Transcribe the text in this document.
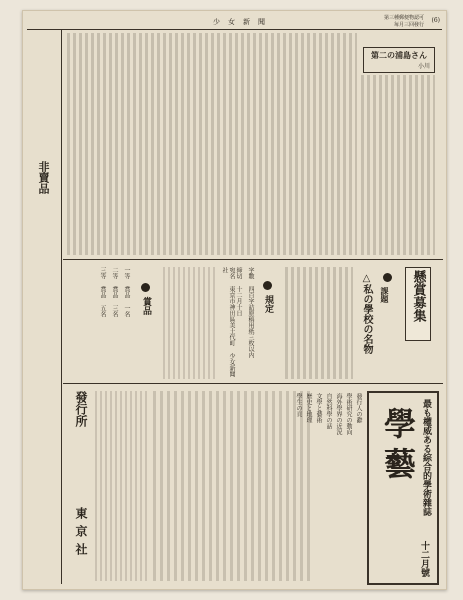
(6)
第三種郵便物認可
毎月三回發行
少女新聞
非賣品
第二の浦島さん
小川
懸賞募集
課題
△私の學校の名物
規定
字數 四百字詰原稿用紙三枚以内
締切 十二月十日
宛名 東京市神田區美土代町 少女新聞社
賞品
一等 賞品 一名
二等 賞品 三名
三等 賞品 五名
發行所
東京社
發行人の辭
學術研究の動向
海外學界の近況
自然科學の話
文學と藝術
歷史と地理
學生の頁	最も權威ある綜合的學術雜誌
學藝
十二月號
